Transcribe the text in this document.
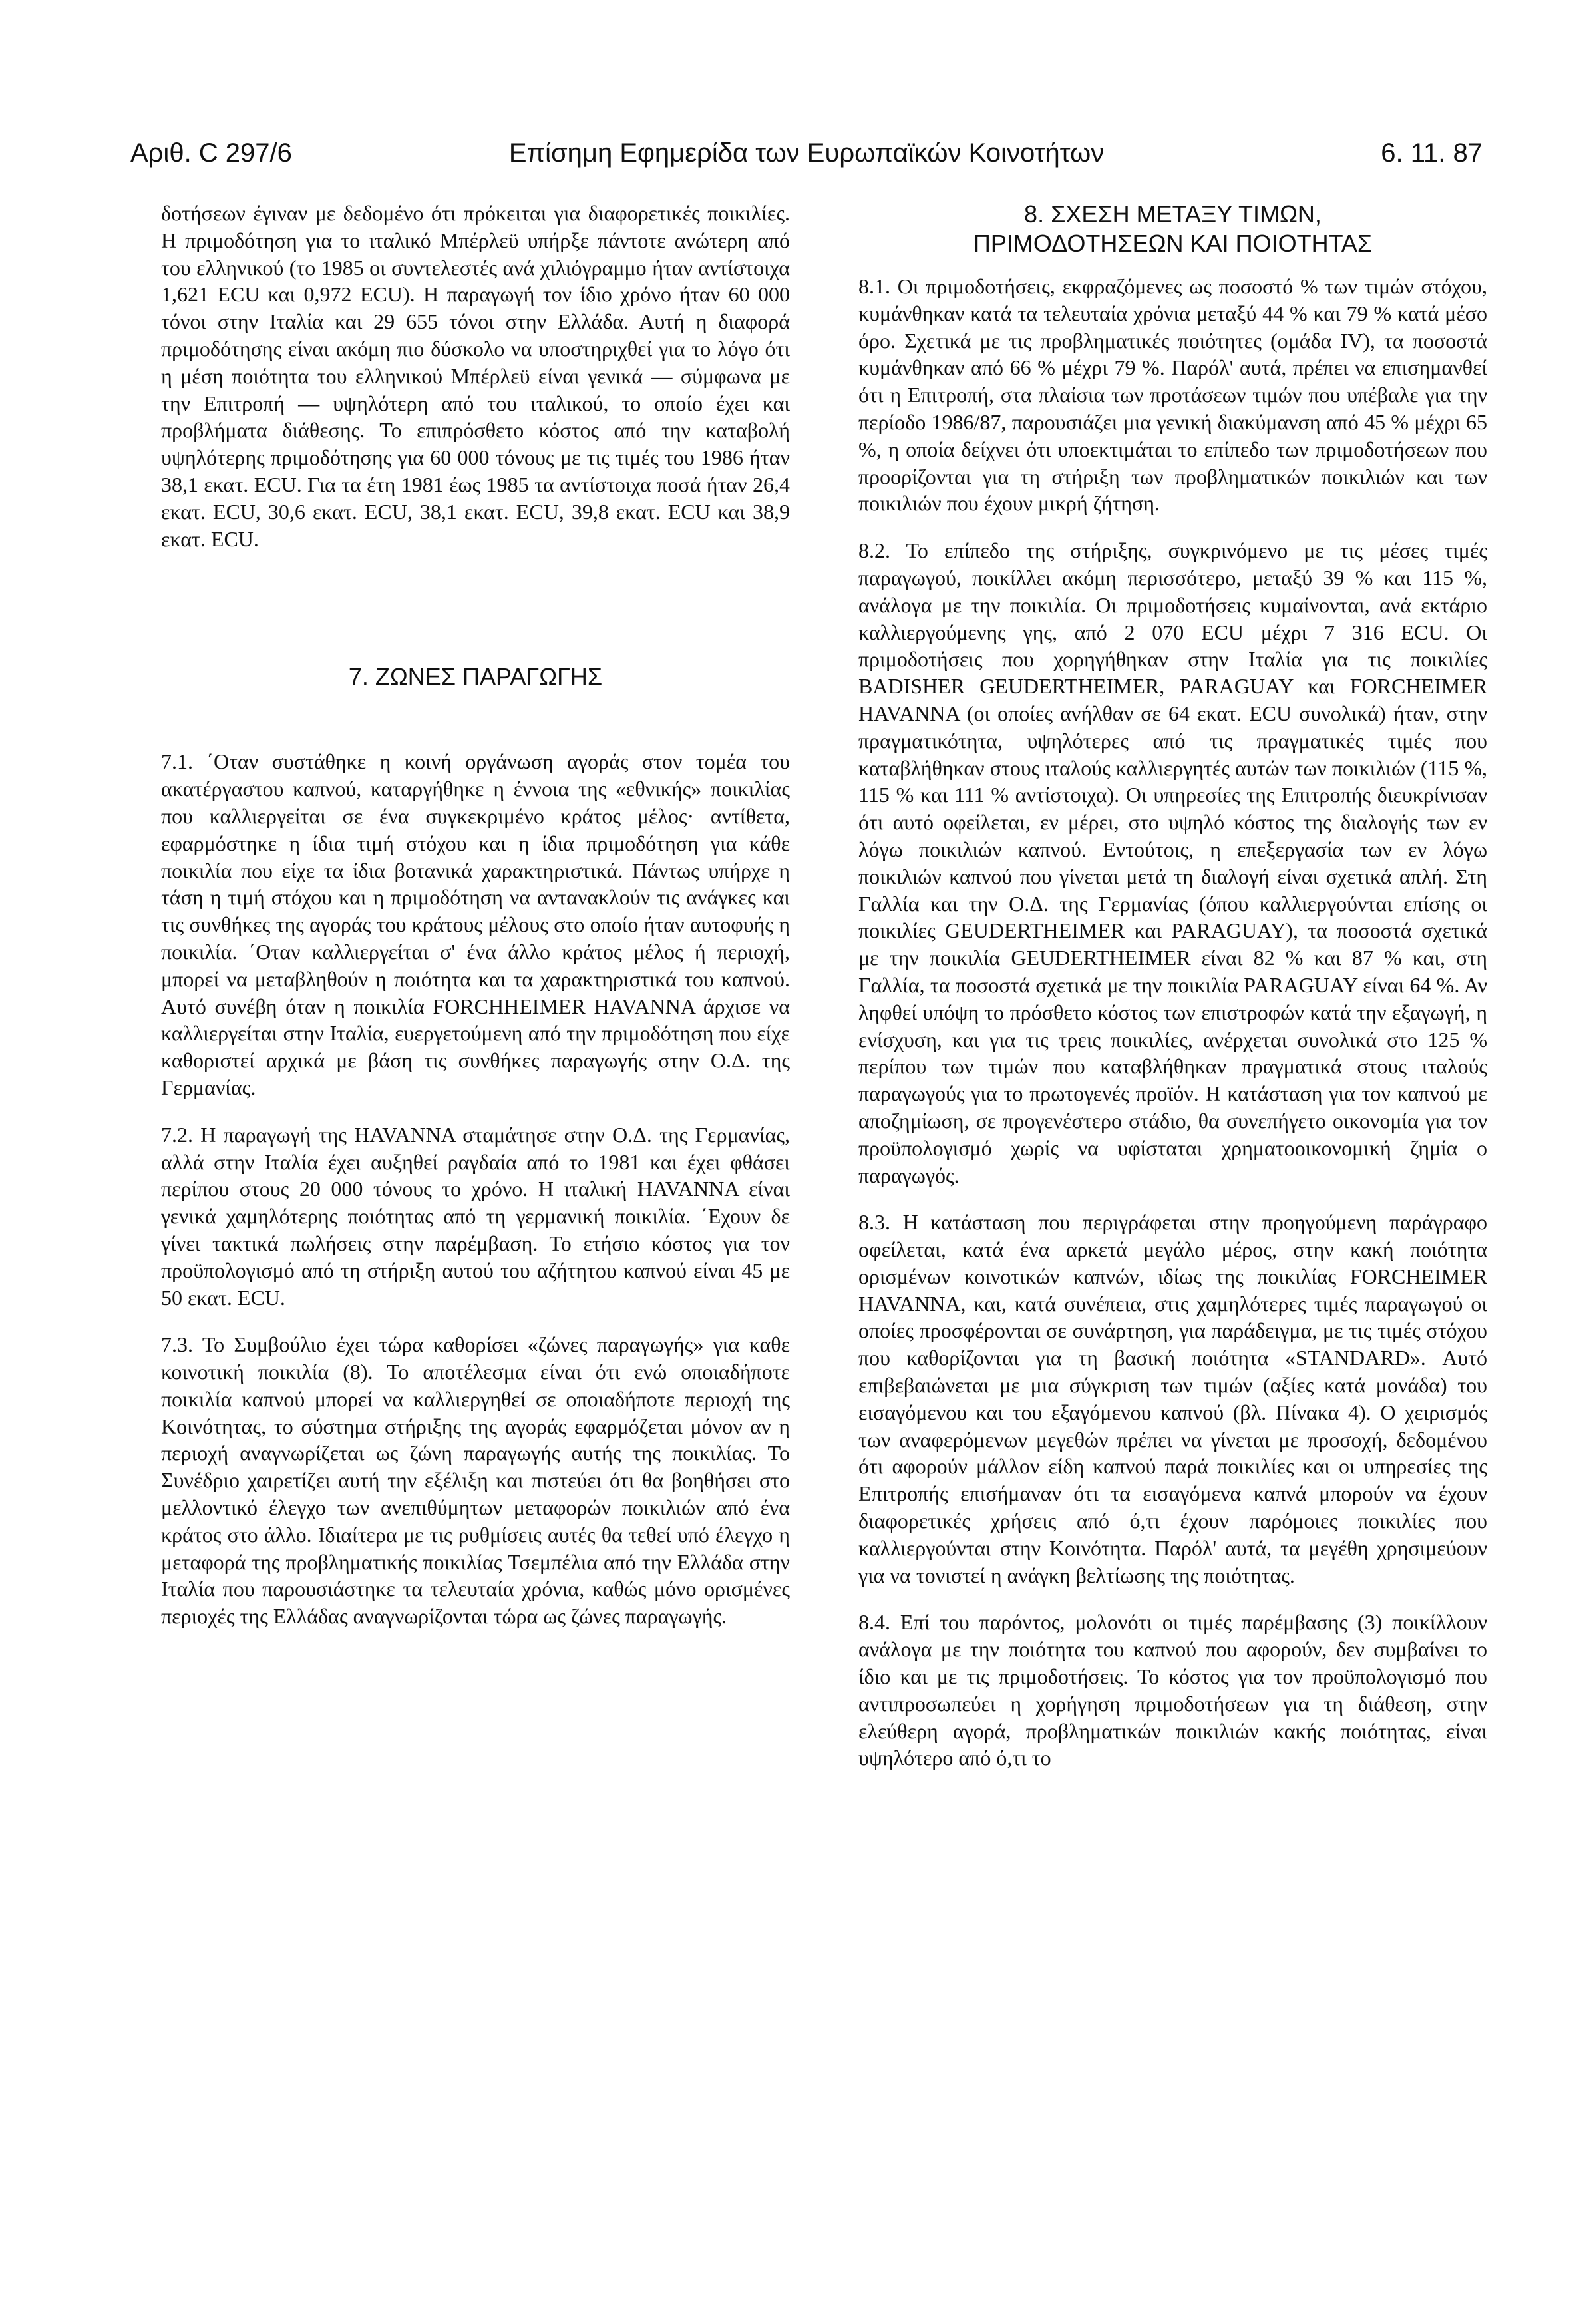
Αριθ. C 297/6	Επίσημη Εφημερίδα των Ευρωπαϊκών Κοινοτήτων	6. 11. 87

δοτήσεων έγιναν με δεδομένο ότι πρόκειται για διαφορετικές ποικιλίες. Η πριμοδότηση για το ιταλικό Μπέρλεϋ υπήρξε πάντοτε ανώτερη από του ελληνικού (το 1985 οι συντελεστές ανά χιλιόγραμμο ήταν αντίστοιχα 1,621 ECU και 0,972 ECU). Η παραγωγή τον ίδιο χρόνο ήταν 60 000 τόνοι στην Ιταλία και 29 655 τόνοι στην Ελλάδα. Αυτή η διαφορά πριμοδότησης είναι ακόμη πιο δύσκολο να υποστηριχθεί για το λόγο ότι η μέση ποιότητα του ελληνικού Μπέρλεϋ είναι γενικά — σύμφωνα με την Επιτροπή — υψηλότερη από του ιταλικού, το οποίο έχει και προβλήματα διάθεσης. Το επιπρόσθετο κόστος από την καταβολή υψηλότερης πριμοδότησης για 60 000 τόνους με τις τιμές του 1986 ήταν 38,1 εκατ. ECU. Για τα έτη 1981 έως 1985 τα αντίστοιχα ποσά ήταν 26,4 εκατ. ECU, 30,6 εκατ. ECU, 38,1 εκατ. ECU, 39,8 εκατ. ECU και 38,9 εκατ. ECU.

7. ΖΩΝΕΣ ΠΑΡΑΓΩΓΗΣ

7.1. ΄Οταν συστάθηκε η κοινή οργάνωση αγοράς στον τομέα του ακατέργαστου καπνού, καταργήθηκε η έννοια της «εθνικής» ποικιλίας που καλλιεργείται σε ένα συγκεκριμένο κράτος μέλος· αντίθετα, εφαρμόστηκε η ίδια τιμή στόχου και η ίδια πριμοδότηση για κάθε ποικιλία που είχε τα ίδια βοτανικά χαρακτηριστικά. Πάντως υπήρχε η τάση η τιμή στόχου και η πριμοδότηση να αντανακλούν τις ανάγκες και τις συνθήκες της αγοράς του κράτους μέλους στο οποίο ήταν αυτοφυής η ποικιλία. ΄Οταν καλλιεργείται σ' ένα άλλο κράτος μέλος ή περιοχή, μπορεί να μεταβληθούν η ποιότητα και τα χαρακτηριστικά του καπνού. Αυτό συνέβη όταν η ποικιλία FORCHHEIMER HAVANNA άρχισε να καλλιεργείται στην Ιταλία, ευεργετούμενη από την πριμοδότηση που είχε καθοριστεί αρχικά με βάση τις συνθήκες παραγωγής στην Ο.Δ. της Γερμανίας.

7.2. Η παραγωγή της HAVANNA σταμάτησε στην Ο.Δ. της Γερμανίας, αλλά στην Ιταλία έχει αυξηθεί ραγδαία από το 1981 και έχει φθάσει περίπου στους 20 000 τόνους το χρόνο. Η ιταλική HAVANNA είναι γενικά χαμηλότερης ποιότητας από τη γερμανική ποικιλία. ΄Εχουν δε γίνει τακτικά πωλήσεις στην παρέμβαση. Το ετήσιο κόστος για τον προϋπολογισμό από τη στήριξη αυτού του αζήτητου καπνού είναι 45 με 50 εκατ. ECU.

7.3. Το Συμβούλιο έχει τώρα καθορίσει «ζώνες παραγωγής» για καθε κοινοτική ποικιλία (8). Το αποτέλεσμα είναι ότι ενώ οποιαδήποτε ποικιλία καπνού μπορεί να καλλιεργηθεί σε οποιαδήποτε περιοχή της Κοινότητας, το σύστημα στήριξης της αγοράς εφαρμόζεται μόνον αν η περιοχή αναγνωρίζεται ως ζώνη παραγωγής αυτής της ποικιλίας. Το Συνέδριο χαιρετίζει αυτή την εξέλιξη και πιστεύει ότι θα βοηθήσει στο μελλοντικό έλεγχο των ανεπιθύμητων μεταφορών ποικιλιών από ένα κράτος στο άλλο. Ιδιαίτερα με τις ρυθμίσεις αυτές θα τεθεί υπό έλεγχο η μεταφορά της προβληματικής ποικιλίας Τσεμπέλια από την Ελλάδα στην Ιταλία που παρουσιάστηκε τα τελευταία χρόνια, καθώς μόνο ορισμένες περιοχές της Ελλάδας αναγνωρίζονται τώρα ως ζώνες παραγωγής.

8. ΣΧΕΣΗ ΜΕΤΑΞΥ ΤΙΜΩΝ,
ΠΡΙΜΟΔΟΤΗΣΕΩΝ ΚΑΙ ΠΟΙΟΤΗΤΑΣ

8.1. Οι πριμοδοτήσεις, εκφραζόμενες ως ποσοστό % των τιμών στόχου, κυμάνθηκαν κατά τα τελευταία χρόνια μεταξύ 44 % και 79 % κατά μέσο όρο. Σχετικά με τις προβληματικές ποιότητες (ομάδα IV), τα ποσοστά κυμάνθηκαν από 66 % μέχρι 79 %. Παρόλ' αυτά, πρέπει να επισημανθεί ότι η Επιτροπή, στα πλαίσια των προτάσεων τιμών που υπέβαλε για την περίοδο 1986/87, παρουσιάζει μια γενική διακύμανση από 45 % μέχρι 65 %, η οποία δείχνει ότι υποεκτιμάται το επίπεδο των πριμοδοτήσεων που προορίζονται για τη στήριξη των προβληματικών ποικιλιών και των ποικιλιών που έχουν μικρή ζήτηση.

8.2. Το επίπεδο της στήριξης, συγκρινόμενο με τις μέσες τιμές παραγωγού, ποικίλλει ακόμη περισσότερο, μεταξύ 39 % και 115 %, ανάλογα με την ποικιλία. Οι πριμοδοτήσεις κυμαίνονται, ανά εκτάριο καλλιεργούμενης γης, από 2 070 ECU μέχρι 7 316 ECU. Οι πριμοδοτήσεις που χορηγήθηκαν στην Ιταλία για τις ποικιλίες BADISHER GEUDERTHEIMER, PARAGUAY και FORCHEIMER HAVANNA (οι οποίες ανήλθαν σε 64 εκατ. ECU συνολικά) ήταν, στην πραγματικότητα, υψηλότερες από τις πραγματικές τιμές που καταβλήθηκαν στους ιταλούς καλλιεργητές αυτών των ποικιλιών (115 %, 115 % και 111 % αντίστοιχα). Οι υπηρεσίες της Επιτροπής διευκρίνισαν ότι αυτό οφείλεται, εν μέρει, στο υψηλό κόστος της διαλογής των εν λόγω ποικιλιών καπνού. Εντούτοις, η επεξεργασία των εν λόγω ποικιλιών καπνού που γίνεται μετά τη διαλογή είναι σχετικά απλή. Στη Γαλλία και την Ο.Δ. της Γερμανίας (όπου καλλιεργούνται επίσης οι ποικιλίες GEUDERTHEIMER και PARAGUAY), τα ποσοστά σχετικά με την ποικιλία GEUDERTHEIMER είναι 82 % και 87 % και, στη Γαλλία, τα ποσοστά σχετικά με την ποικιλία PARAGUAY είναι 64 %. Αν ληφθεί υπόψη το πρόσθετο κόστος των επιστροφών κατά την εξαγωγή, η ενίσχυση, και για τις τρεις ποικιλίες, ανέρχεται συνολικά στο 125 % περίπου των τιμών που καταβλήθηκαν πραγματικά στους ιταλούς παραγωγούς για το πρωτογενές προϊόν. Η κατάσταση για τον καπνού με αποζημίωση, σε προγενέστερο στάδιο, θα συνεπήγετο οικονομία για τον προϋπολογισμό χωρίς να υφίσταται χρηματοοικονομική ζημία ο παραγωγός.

8.3. Η κατάσταση που περιγράφεται στην προηγούμενη παράγραφο οφείλεται, κατά ένα αρκετά μεγάλο μέρος, στην κακή ποιότητα ορισμένων κοινοτικών καπνών, ιδίως της ποικιλίας FORCHEIMER HAVANNA, και, κατά συνέπεια, στις χαμηλότερες τιμές παραγωγού οι οποίες προσφέρονται σε συνάρτηση, για παράδειγμα, με τις τιμές στόχου που καθορίζονται για τη βασική ποιότητα «STANDARD». Αυτό επιβεβαιώνεται με μια σύγκριση των τιμών (αξίες κατά μονάδα) του εισαγόμενου και του εξαγόμενου καπνού (βλ. Πίνακα 4). Ο χειρισμός των αναφερόμενων μεγεθών πρέπει να γίνεται με προσοχή, δεδομένου ότι αφορούν μάλλον είδη καπνού παρά ποικιλίες και οι υπηρεσίες της Επιτροπής επισήμαναν ότι τα εισαγόμενα καπνά μπορούν να έχουν διαφορετικές χρήσεις από ό,τι έχουν παρόμοιες ποικιλίες που καλλιεργούνται στην Κοινότητα. Παρόλ' αυτά, τα μεγέθη χρησιμεύουν για να τονιστεί η ανάγκη βελτίωσης της ποιότητας.

8.4. Επί του παρόντος, μολονότι οι τιμές παρέμβασης (3) ποικίλλουν ανάλογα με την ποιότητα του καπνού που αφορούν, δεν συμβαίνει το ίδιο και με τις πριμοδοτήσεις. Το κόστος για τον προϋπολογισμό που αντιπροσωπεύει η χορήγηση πριμοδοτήσεων για τη διάθεση, στην ελεύθερη αγορά, προβληματικών ποικιλιών κακής ποιότητας, είναι υψηλότερο από ό,τι το
